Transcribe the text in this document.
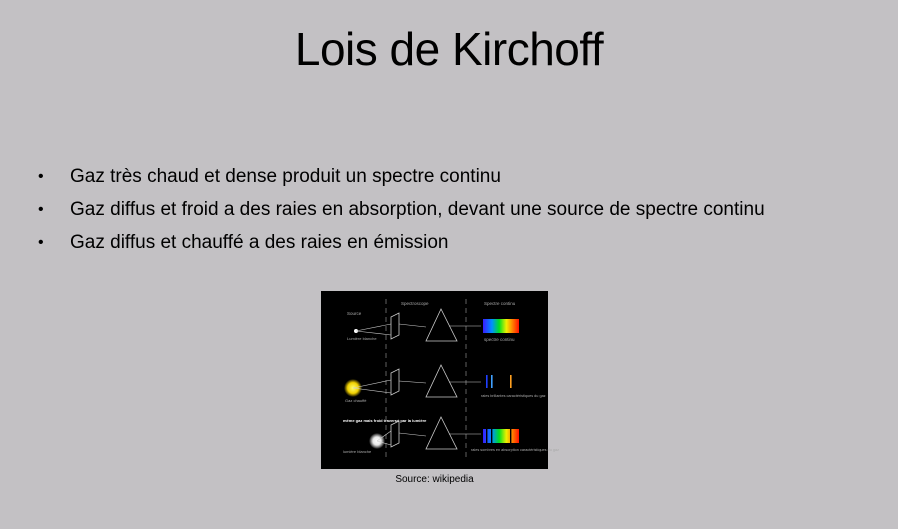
Lois de Kirchoff
• Gaz très chaud et dense produit un spectre continu
• Gaz diffus et froid a des raies en absorption, devant une source de spectre continu
• Gaz diffus et chauffé a des raies en émission
Source
Spectroscope	Spectre continu
Lumière blanche	spectre continu
Gaz chauffé
raies brillantes caractéristiques du gaz
même gaz mais froid traversé par la lumière
lumière blanche	raies sombres en absorption caractéristiques du gaz
Source: wikipedia
